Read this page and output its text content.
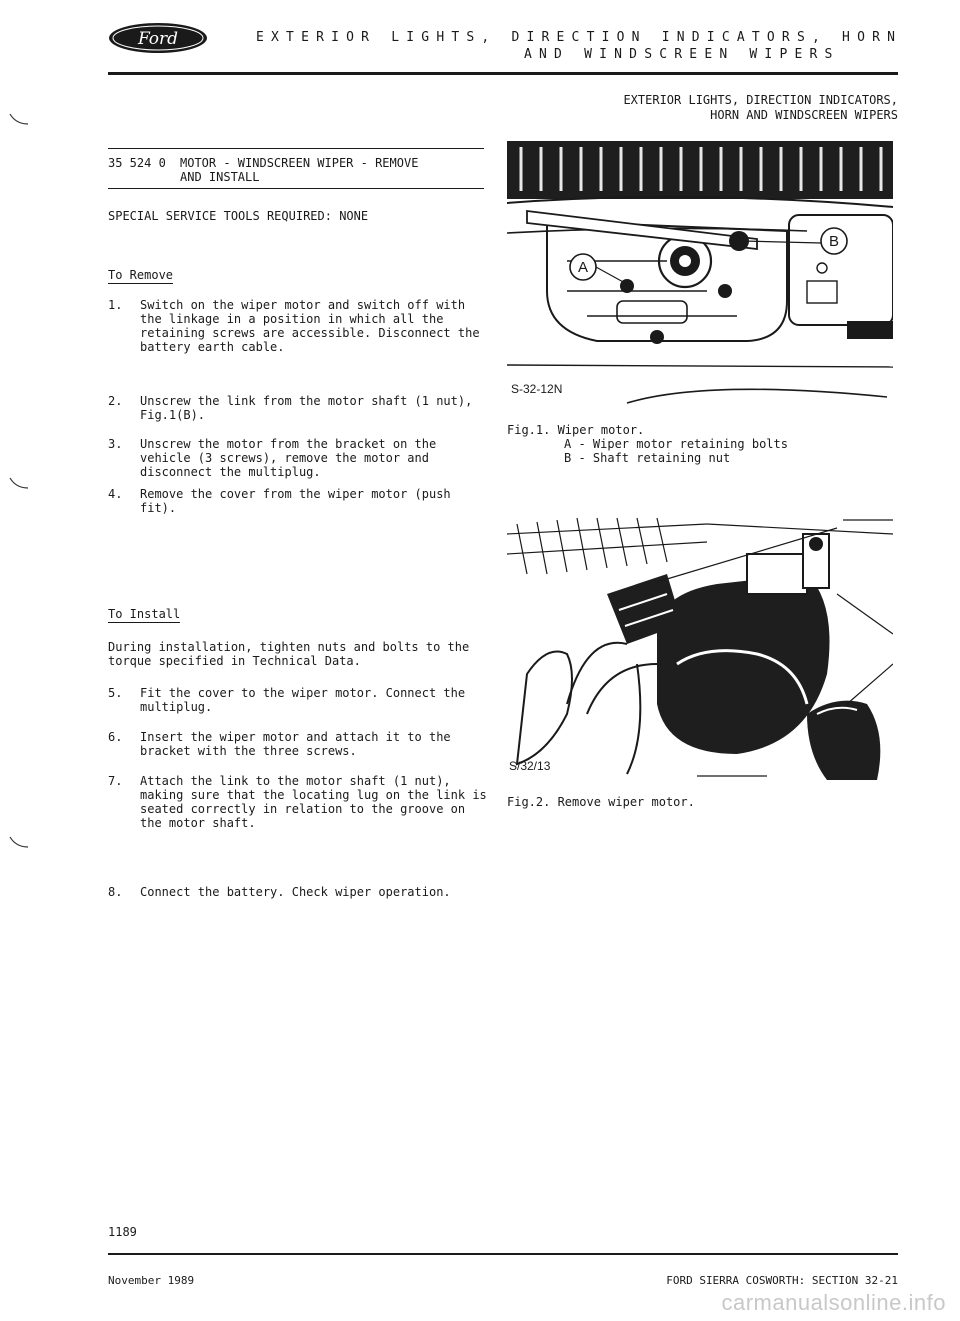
Ford	EXTERIOR LIGHTS, DIRECTION INDICATORS, HORN
AND WINDSCREEN WIPERS
EXTERIOR LIGHTS, DIRECTION INDICATORS,
HORN AND WINDSCREEN WIPERS
35 524 0 MOTOR - WINDSCREEN WIPER - REMOVE
AND INSTALL
SPECIAL SERVICE TOOLS REQUIRED: NONE
To Remove
1. Switch on the wiper motor and switch off with the linkage in a position in which all the retaining screws are accessible. Disconnect the battery earth cable.
2. Unscrew the link from the motor shaft (1 nut), Fig.1(B).
3. Unscrew the motor from the bracket on the vehicle (3 screws), remove the motor and disconnect the multiplug.
4. Remove the cover from the wiper motor (push fit).
To Install
During installation, tighten nuts and bolts to the torque specified in Technical Data.
5. Fit the cover to the wiper motor. Connect the multiplug.
6. Insert the wiper motor and attach it to the bracket with the three screws.
7. Attach the link to the motor shaft (1 nut), making sure that the locating lug on the link is seated correctly in relation to the groove on the motor shaft.
8. Connect the battery. Check wiper operation.
A
B
S-32-12N
Fig.1. Wiper motor.

A - Wiper motor retaining bolts
B - Shaft retaining nut
S/32/13
Fig.2. Remove wiper motor.
1189
November 1989	FORD SIERRA COSWORTH: SECTION 32-21
carmanualsonline.info
